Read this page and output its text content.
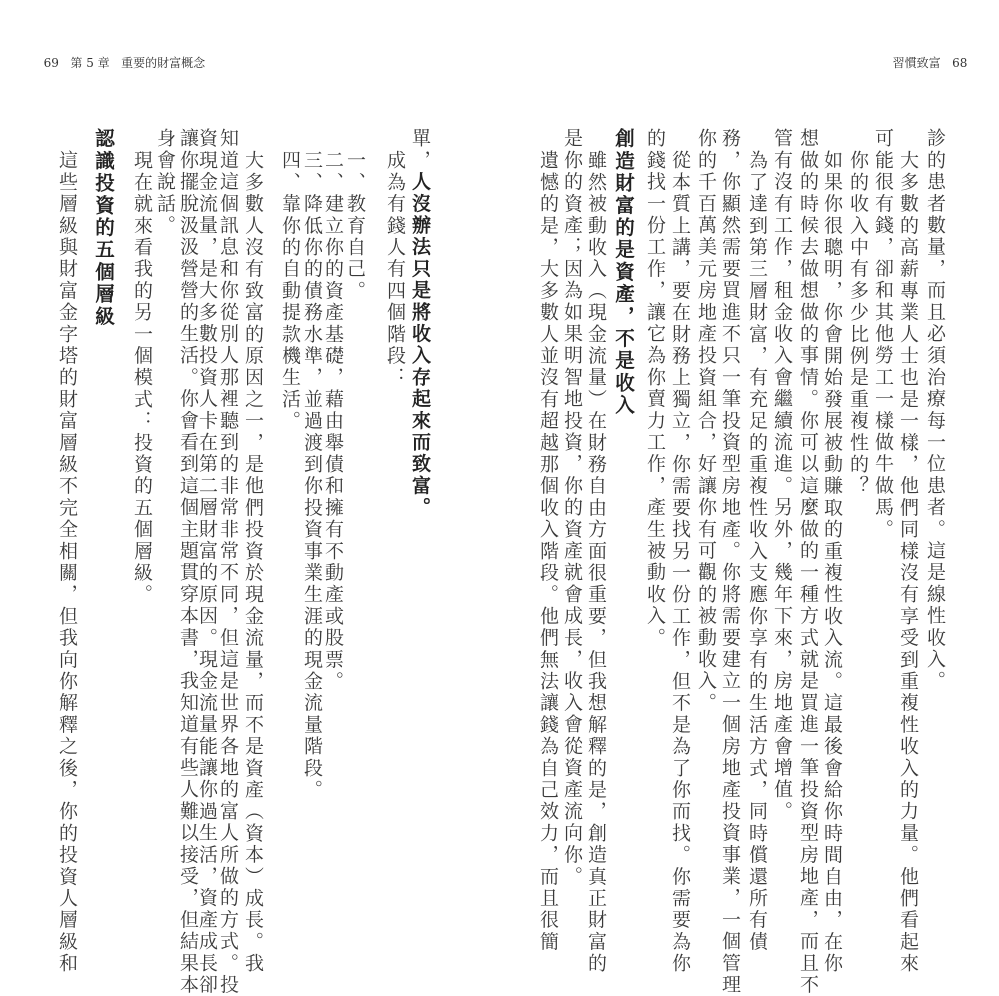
69 第 5 章 重要的財富概念	習慣致富 68

診的患者數量，而且必須治療每一位患者。這是線性收入。
大多數的高薪專業人士也是一樣，他們同樣沒有享受到重複性收入的力量。他們看起來
可能很有錢，卻和其他勞工一樣做牛做馬。
你的收入中有多少比例是重複性的？
如果你很聰明，你會開始發展被動賺取的重複性收入流。這最後會給你時間自由，在你
想做的時候去做想做的事情。你可以這麼做的一種方式就是買進一筆投資型房地產，而且不
管有沒有工作，租金收入會繼續流進。另外，幾年下來，房地產會增值。
為了達到第三層財富，有充足的重複性收入支應你享有的生活方式，同時償還所有債
務，你顯然需要買進不只一筆投資型房地產。你將需要建立一個房地產投資事業，一個管理
你的千百萬美元房地產投資組合，好讓你有可觀的被動收入。
從本質上講，要在財務上獨立，你需要找另一份工作，但不是為了你而找。你需要為你
的錢找一份工作，讓它為你賣力工作，產生被動收入。
創造財富的是資產，不是收入
雖然被動收入（現金流量）在財務自由方面很重要，但我想解釋的是，創造真正財富的
是你的資產；因為如果明智地投資，你的資產就會成長，收入會從資產流向你。
遺憾的是，大多數人並沒有超越那個收入階段。他們無法讓錢為自己效力，而且很簡
單，人沒辦法只是將收入存起來而致富。
成為有錢人有四個階段：
一、教育自己。
二、建立你的資產基礎，藉由舉債和擁有不動產或股票。
三、降低你的債務水準，並過渡到你投資事業生涯的現金流量階段。
四、靠你的自動提款機生活。
大多數人沒有致富的原因之一，是他們投資於現金流量，而不是資產（資本）成長。我
知道這個訊息和你從別人那裡聽到的非常非常不同，但這是世界各地的富人所做的方式。投
資現金流量，是大多數投資人卡在第二層財富的原因。現金流量能讓你過生活，資產成長卻
讓你擺脫汲汲營營的生活。你會看到這個主題貫穿本書，我知道有些人難以接受，但結果本
身會說話。
現在就來看我的另一個模式：投資的五個層級。
認識投資的五個層級
這些層級與財富金字塔的財富層級不完全相關，但我向你解釋之後，你的投資人層級和
